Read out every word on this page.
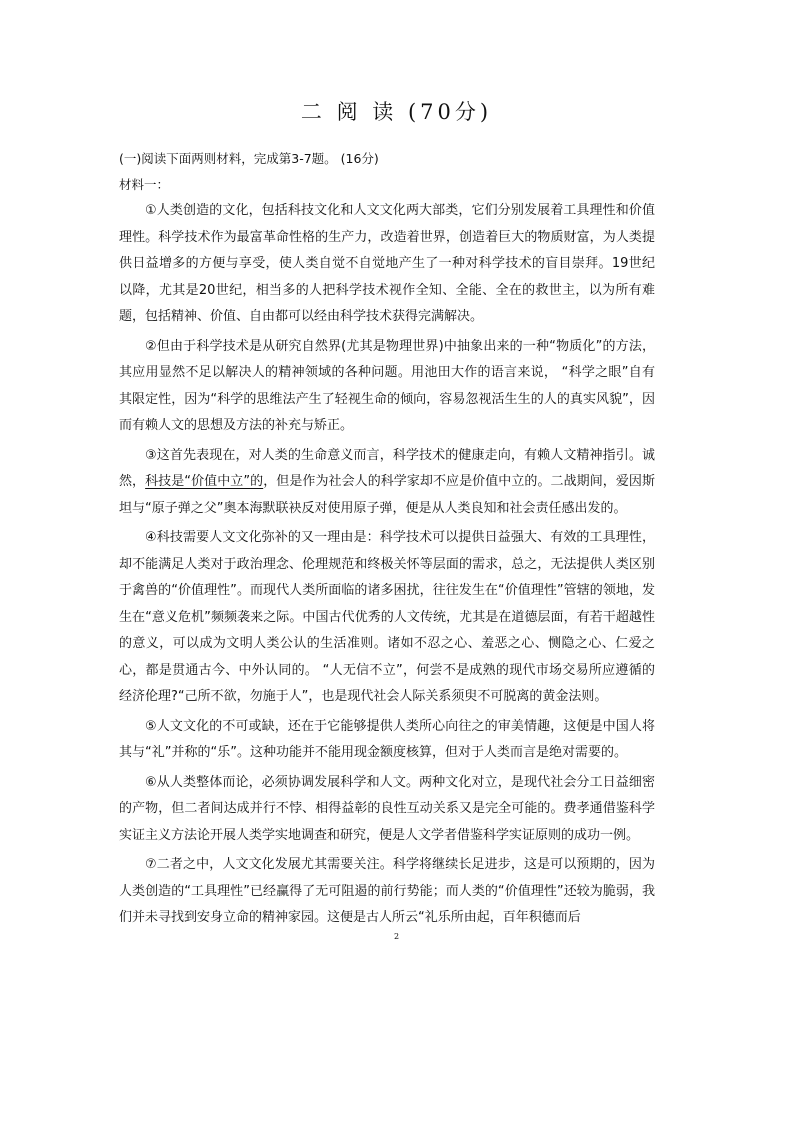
二 阅 读 (70分)

(一)阅读下面两则材料，完成第3-7题。 (16分)

材料一：

①人类创造的文化，包括科技文化和人文文化两大部类，它们分别发展着工具理性和价值理性。科学技术作为最富革命性格的生产力，改造着世界，创造着巨大的物质财富，为人类提供日益增多的方便与享受，使人类自觉不自觉地产生了一种对科学技术的盲目崇拜。19世纪以降，尤其是20世纪，相当多的人把科学技术视作全知、全能、全在的救世主，以为所有难题，包括精神、价值、自由都可以经由科学技术获得完满解决。

②但由于科学技术是从研究自然界(尤其是物理世界)中抽象出来的一种“物质化”的方法，其应用显然不足以解决人的精神领域的各种问题。用池田大作的语言来说， “科学之眼”自有其限定性，因为“科学的思维法产生了轻视生命的倾向，容易忽视活生生的人的真实风貌”，因而有赖人文的思想及方法的补充与矫正。

③这首先表现在，对人类的生命意义而言，科学技术的健康走向，有赖人文精神指引。诚然，科技是“价值中立”的，但是作为社会人的科学家却不应是价值中立的。二战期间，爱因斯坦与“原子弹之父”奥本海默联袂反对使用原子弹，便是从人类良知和社会责任感出发的。

④科技需要人文文化弥补的又一理由是：科学技术可以提供日益强大、有效的工具理性，却不能满足人类对于政治理念、伦理规范和终极关怀等层面的需求，总之，无法提供人类区别于禽兽的“价值理性”。而现代人类所面临的诸多困扰，往往发生在“价值理性”管辖的领地，发生在“意义危机”频频袭来之际。中国古代优秀的人文传统，尤其是在道德层面，有若干超越性的意义，可以成为文明人类公认的生活准则。诸如不忍之心、羞恶之心、恻隐之心、仁爱之心，都是贯通古今、中外认同的。 “人无信不立”，何尝不是成熟的现代市场交易所应遵循的经济伦理?“己所不欲，勿施于人”，也是现代社会人际关系须臾不可脱离的黄金法则。

⑤人文文化的不可或缺，还在于它能够提供人类所心向往之的审美情趣，这便是中国人将其与“礼”并称的“乐”。这种功能并不能用现金额度核算，但对于人类而言是绝对需要的。

⑥从人类整体而论，必须协调发展科学和人文。两种文化对立，是现代社会分工日益细密的产物，但二者间达成并行不悖、相得益彰的良性互动关系又是完全可能的。费孝通借鉴科学实证主义方法论开展人类学实地调查和研究，便是人文学者借鉴科学实证原则的成功一例。

⑦二者之中，人文文化发展尤其需要关注。科学将继续长足进步，这是可以预期的，因为人类创造的“工具理性”已经赢得了无可阻遏的前行势能；而人类的“价值理性”还较为脆弱，我们并未寻找到安身立命的精神家园。这便是古人所云“礼乐所由起，百年积德而后

2
